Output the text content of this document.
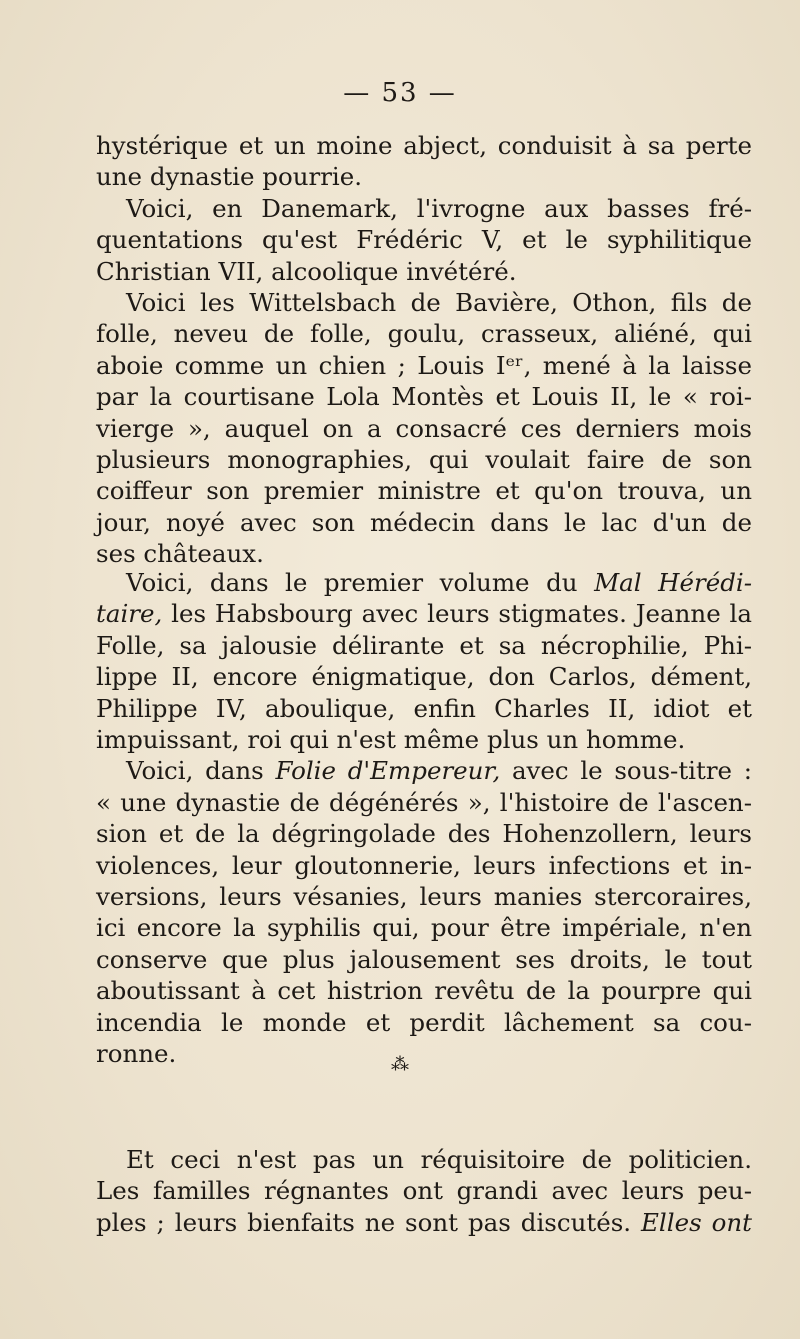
— 53 —
hystérique et un moine abject, conduisit à sa perte
une dynastie pourrie.
Voici, en Danemark, l'ivrogne aux basses fré-
quentations qu'est Frédéric V, et le syphilitique
Christian VII, alcoolique invétéré.
Voici les Wittelsbach de Bavière, Othon, fils de
folle, neveu de folle, goulu, crasseux, aliéné, qui
aboie comme un chien ; Louis Iᵉʳ, mené à la laisse
par la courtisane Lola Montès et Louis II, le « roi-
vierge », auquel on a consacré ces derniers mois
plusieurs monographies, qui voulait faire de son
coiffeur son premier ministre et qu'on trouva, un
jour, noyé avec son médecin dans le lac d'un de
ses châteaux.
Voici, dans le premier volume du Mal Hérédi-
taire, les Habsbourg avec leurs stigmates. Jeanne la
Folle, sa jalousie délirante et sa nécrophilie, Phi-
lippe II, encore énigmatique, don Carlos, dément,
Philippe IV, aboulique, enfin Charles II, idiot et
impuissant, roi qui n'est même plus un homme.
Voici, dans Folie d'Empereur, avec le sous-titre :
« une dynastie de dégénérés », l'histoire de l'ascen-
sion et de la dégringolade des Hohenzollern, leurs
violences, leur gloutonnerie, leurs infections et in-
versions, leurs vésanies, leurs manies stercoraires,
ici encore la syphilis qui, pour être impériale, n'en
conserve que plus jalousement ses droits, le tout
aboutissant à cet histrion revêtu de la pourpre qui
incendia le monde et perdit lâchement sa cou-
ronne.	⁂
Et ceci n'est pas un réquisitoire de politicien.
Les familles régnantes ont grandi avec leurs peu-
ples ; leurs bienfaits ne sont pas discutés. Elles ont
